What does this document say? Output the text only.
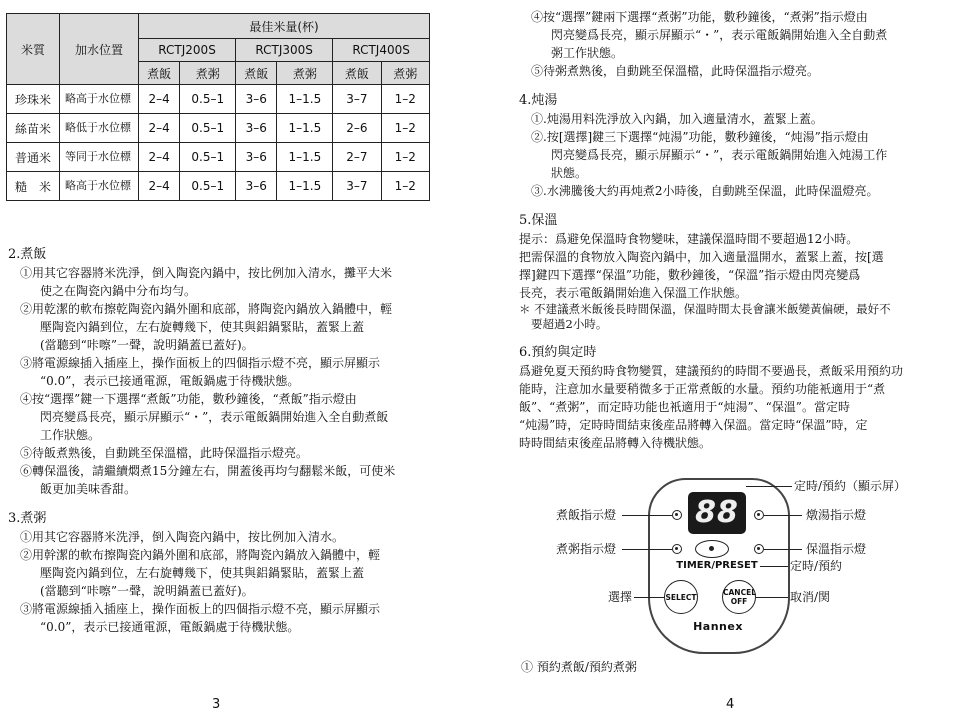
米質	加水位置	最佳米量(杯)					
		RCTJ200S		RCTJ300S		RCTJ400S	
		煮飯	煮粥	煮飯	煮粥	煮飯	煮粥
珍珠米	略高于水位標	2–4	0.5–1	3–6	1–1.5	3–7	1–2
絲苗米	略低于水位標	2–4	0.5–1	3–6	1–1.5	2–6	1–2
普通米	等同于水位標	2–4	0.5–1	3–6	1–1.5	2–7	1–2
糙　米	略高于水位標	2–4	0.5–1	3–6	1–1.5	3–7	1–2

2.煮飯

①用其它容器將米洗淨，倒入陶瓷內鍋中，按比例加入清水，攤平大米

使之在陶瓷內鍋中分布均勻。

②用乾潔的軟布擦乾陶瓷內鍋外圍和底部，將陶瓷內鍋放入鍋體中，輕

壓陶瓷內鍋到位，左右旋轉幾下，使其與鋁鍋緊貼，蓋緊上蓋

(當聽到“咔嚓”一聲，說明鍋蓋已蓋好)。

③將電源線插入插座上，操作面板上的四個指示燈不亮，顯示屏顯示

“0.0”，表示已接通電源，電飯鍋處于待機狀態。

④按“選擇”鍵一下選擇“煮飯”功能，數秒鐘後，“煮飯”指示燈由

閃亮變爲長亮，顯示屏顯示“・”，表示電飯鍋開始進入全自動煮飯

工作狀態。

⑤待飯煮熟後，自動跳至保溫檔，此時保溫指示燈亮。

⑥轉保溫後，請繼續燜煮15分鐘左右，開蓋後再均勻翻鬆米飯，可使米

飯更加美味香甜。

3.煮粥

①用其它容器將米洗淨，倒入陶瓷內鍋中，按比例加入清水。

②用幹潔的軟布擦陶瓷內鍋外圍和底部，將陶瓷內鍋放入鍋體中，輕

壓陶瓷內鍋到位，左右旋轉幾下，使其與鋁鍋緊貼，蓋緊上蓋

(當聽到“咔嚓”一聲，說明鍋蓋已蓋好)。

③將電源線插入插座上，操作面板上的四個指示燈不亮，顯示屏顯示

“0.0”，表示已接通電源，電飯鍋處于待機狀態。

3

④按“選擇”鍵兩下選擇“煮粥”功能，數秒鐘後，“煮粥”指示燈由

閃亮變爲長亮，顯示屏顯示“・”，表示電飯鍋開始進入全自動煮

粥工作狀態。

⑤待粥煮熟後，自動跳至保溫檔，此時保溫指示燈亮。

4.炖湯

①.炖湯用料洗淨放入內鍋，加入適量清水，蓋緊上蓋。

②.按[選擇]鍵三下選擇“炖湯”功能，數秒鐘後，“炖湯”指示燈由

閃亮變爲長亮，顯示屏顯示“・”，表示電飯鍋開始進入炖湯工作

狀態。

③.水沸騰後大約再炖煮2小時後，自動跳至保溫，此時保溫燈亮。

5.保溫

提示：爲避免保溫時食物變味，建議保溫時間不要超過12小時。

把需保溫的食物放入陶瓷內鍋中，加入適量溫開水，蓋緊上蓋，按[選

擇]鍵四下選擇“保溫”功能，數秒鐘後，“保溫”指示燈由閃亮變爲

長亮，表示電飯鍋開始進入保溫工作狀態。

＊ 不建議煮米飯後長時間保溫，保溫時間太長會讓米飯變黃偏硬，最好不

要超過2小時。

6.預約與定時

爲避免夏天預約時食物變質，建議預約的時間不要過長，煮飯采用預約功

能時，注意加水量要稍微多于正常煮飯的水量。預約功能衹適用于“煮

飯”、“煮粥”，而定時功能也衹適用于“炖湯”、“保溫”。當定時

“炖湯”時，定時時間結束後産品將轉入保溫。當定時“保溫”時，定

時時間結束後産品將轉入待機狀態。

4
88
TIMER/PRESET
SELECT	CANCEL
OFF
Hannex
定時/預約（顯示屏）
煮飯指示燈	燉湯指示燈
煮粥指示燈	保溫指示燈
定時/預約
選擇	取消/関
① 預約煮飯/預約煮粥
